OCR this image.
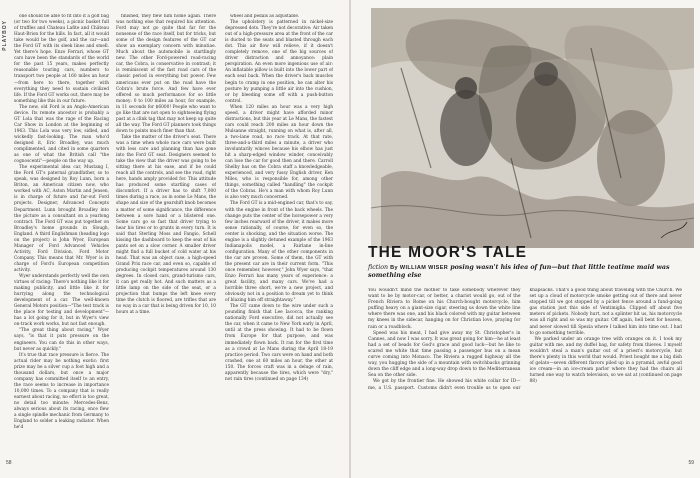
PLAYBOY

one should be able to fit into it a golf bag (or two for two weeks), a picnic basket full of truffles and Chateau Lafite and Château Haut-Brion for the hills. In fact, all it would take would be the golf, and the car—and the Ford GT with its sleek lines and smell. Yet there's hope. Enzo Ferrari, whose GT cars have been the standards of the world for the past 15 years, makes perfectly reasonable touring cars, numbers to transport two people at 160 miles an hour—from here to there, together with everything they need to sustain civilized life. If the Ford GT works out, there may be something like this in our future.

The new, old Ford is an Anglo-American device. Its remote ancestor is probably a GT Lola that was the rage of the Racing Car Show in London at the beginning of 1963. This Lola was very low, sidled, and wickedly fast-looking. The man who'd designed it, Eric Broadley, was much complimented, and cited in some quarters as one of what the British call "the cognoscenti"—people on the way up.

The experimental idea car, Mustang I, the Ford GT's paternal grandfather, so to speak, was designed by Roy Lunn, born a Briton, an American citizen now, who worked with AC, Aston Martin and Jensen, is in charge of future and far-out Ford projects. Designer, Advanced Concepts Department. Lunn brought Broadley into the picture as a consultant on a yearlong contract. The Ford GT was put together on Broadley's home grounds in Slough, England. A third Englishman (heading logo on the project) is John Wyer, European Manager of Ford Advanced Vehicles Activity, Ford Division, Ford Motor Company. This means that Mr. Wyer is in charge of Ford's European competition activity.

Wyer understands perfectly well the own virtues of racing: There's nothing like it for making publicity, and little like it for hurrying along the technological development of a car. The well-known General Motors position—"The test track is the place for testing and development"—has a lot going for it, but in Wyer's view on-track work works, but not fast enough.

"The great thing about racing," Wyer says, "is that it puts pressure on the engineers. You can do this in other ways, but never as quickly."

It's true that race pressure is fierce. The actual rider may be nothing exotic: first prize may be a silver cup a foot high and a thousand dollars, but once a major company has committed itself to an entry, the race seems to increase in importance 10,000 times. To a company that is really earnest about racing, no effort is too great, no detail too minute: Mercedes-Benz, always serious about its racing, once flew a single spindle mechanic from Germany to England to solder a leaking radiator. When he'd

finished, they flew him home again. There was nothing else that required his attention. Ford may not go quite that far for the nonsense of the race itself, but for tricks, but some of the design features of the GT car show an exemplary concern with minutiae. Much about the automobile is startlingly new. The other Ford-powered road-racing car, the Cobra, is conservative in contrast; it is reminiscent of the fast road cars of the classic period in everything but power. Few americans ever put on the road have the Cobra's brute force. And few have ever offered so much performance for so little money: 0 to 100 miles an hour, for example, in 11 seconds for $6000! People who want to go like that are not open to sightseeing flying past at a clink tag that may not keep up quite all the way. The Ford GT planners took things down to points much finer than that.

Take the matter of the driver's seat. There was a time when whole race cars were built with less care and planning than has gone into the Ford GT seat. Designers seemed to take the view that the driver was going to be sitting there at his ease, and if he could reach all the controls, and see the road, right here, hands amply provided for. This attitude has produced some startling cases of discomfort. If a driver has to shift 7,000 times during a race, as in some Le Mans, the shape and size of the gearshift knob becomes a matter of some significance, the difference between a sore hand or a blistered one. Some cars go so fast that driver trying to hear his tires or to grunts in every turn. It is said that Sterling Moss and Fangio, Schell kissing the dashboard to keep the seat of his pants set on a slow corner. A smaller driver might find a full bucket of cold water at his head. That was an object case, a high-speed Grand Prix race car, and even so, capable of producing cockpit temperatures around 130 degrees. In closed cars, grand-turismo cars, it can get really hot. And such matters as a little lamp on the side of the seat, or a projection that bumps the left knee every time the clutch is floored, are trifles that are no way in a car that is being driven for 10, 10 hours at a time.

wheel and pedals as adjustable.

The upholstery is patterned in nickel-size depressed dots. They're not decorative: Air taken out of a high-pressure area at the front of the car is ducted to the seats and blasted through each dot. This air flow will relieve, if it doesn't completely remove, one of the big sources of driver distraction and annoyance: plain perspiration. An even more ingenious use of air: An inflatable pillow is built into the lower part of each seat back. When the driver's back muscles begin to cramp in one position, he can alter his posture by pumping a little air into the cushion, or by bleeding some off with a push-button control.

When 120 miles an hour was a very high speed, a driver might have afforded minor distractions, but this year at Le Mans, the fastest cars could reach 200 miles an hour down the Mulsanne straight, running on what is, after all, a two-lane road, no race track. At that rate, three-and-a-third miles a minute, a driver who involuntarily winces because his elbow has just hit a sharp-edged window winder, conceivably can lose the car for good then and there. Carroll Shelby has on the Cobra staff a knowledgeable, experienced, and very fussy English driver, Ken Miles, who is responsible for, among other things, something called "handling" the cockpit of the Cobras. He's a man with whom Roy Lunn is also very much concerned.

The Ford GT is a mid-engined car, that's to say, with the engine in front of the back wheels. The change puts the center of the horsepower a very few inches rearward of the driver, it makes more sense rationally, of course, for even so, the center is shocking, and the situation worse. The engine is a slightly detuned example of the 1963 Indianapolis model, a Fairlane in-line configuration. Many of the other components in the car are proven. Some of them, the GT with the present car are in their current form. "This once remember, however," John Wyer says, "that Enzo Ferrari has many years of experience: a great facility, and many cars. We've had a horrible three short, we're a new project, and obviously not in a position to dream yet to think of blazing him off straightaway."

The GT came down to the wire under such a pounding finish that Lee Iacocca, the ranking nationally Ford executive, did not actually see the car, when it came to New York early in April, until at the press showing. It had to be flown from Europe for that purpose, and was immediately flown back. It ran for the first time as a crowd at Le Mans during the April 18-19 practice period. Two cars were on hand and both crashed, one at 60 miles an hour, the other at 150. The forces craft was in a deluge of rain, apparently because the tires, which were "dry," not rain tires (continued on page 134)

58	59
THE MOOR'S TALE
fiction By WILLIAM WISER posing wasn't his idea of fun—but that little teatime maid was something else

You wouldn't mind the mother to take somebody wherever they want to be by motor-car, or better, a chariot would go, out of the French Riviera to Rome on his Church-bought motorcycle, him puffing heavy on a giant-size cigar, steering us down the white line where there was one, and his black colored with my guitar between my knees in the sidecar, hanging on for Christian love, praying for rain or a roadblock.

Speed was his meat, I had give away my St. Christopher's in Cannes, and now I was sorry. It was great going for him—he at least had a set of beads for God's grace and good luck—but he like to scared me white that time passing a passenger bus on a mean curve coming into Monaco. The Riviera a rugged highway all the way, you hugging the side of a mountain with switchbacks grinning down the cliff edge and a long-way drop down to the Mediterranean Sea on the other side.

We got by the frontier fine. He showed his white collar for ID—me, a U.S. passport. Customs didn't even trouble us to open our knapsacks. That's a good thing about traveling with the Church. We set up a cloud of motorcycle smoke getting out of there and never stopped till we got stopped by a picket fence around a fund-going gas station just this side of Ventimiglia. Clipped off about five meters of pickets. Nobody hurt, not a splinter hit us, his motorcycle was all right and so was my guitar. Off again, hell bent for heaven, and never slowed till Spezia where I talked him into time out. I had to go something terrible.

We parked under an orange tree with oranges on it. I took my guitar with me, and my duffel bag, for safety from thieves. I myself wouldn't steal a man's guitar out of a priest's motorcycle, but there's plenty in this world that would. Priest bought me a big dish of gelato—seven different flavors piled up in a pyramid, awful good ice cream—in an ice-cream parlor where they had the chairs all turned one way to watch television, so we sat at (continued on page 88)
